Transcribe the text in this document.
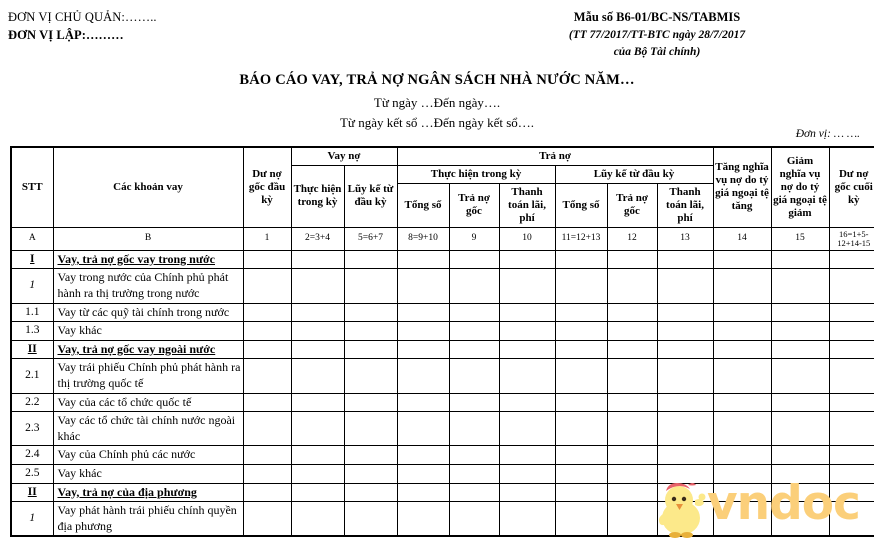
ĐƠN VỊ CHỦ QUẢN:……..
ĐƠN VỊ LẬP:………
Mẫu số B6-01/BC-NS/TABMIS
(TT 77/2017/TT-BTC ngày 28/7/2017
của Bộ Tài chính)
BÁO CÁO VAY, TRẢ NỢ NGÂN SÁCH NHÀ NƯỚC NĂM…
Từ ngày …Đến ngày….
Từ ngày kết sổ …Đến ngày kết sổ….
Đơn vị: … ….
STT	Các khoản vay	Dư nợ gốc đầu kỳ	Vay nợ		Trả nợ						Tăng nghĩa vụ nợ do tỷ giá ngoại tệ tăng	Giảm nghĩa vụ nợ do tỷ giá ngoại tệ giảm	Dư nợ gốc cuối kỳ
			Thực hiện trong kỳ	Lũy kế từ đầu kỳ	Thực hiện trong kỳ			Lũy kế từ đầu kỳ					
					Tổng số	Trả nợ gốc	Thanh toán lãi, phí	Tổng số	Trả nợ gốc	Thanh toán lãi, phí			

A	B	1	2=3+4	5=6+7	8=9+10	9	10	11=12+13	12	13	14	15	16=1+5-12+14-15
I	Vay, trả nợ gốc vay trong nước												
1	Vay trong nước của Chính phủ phát hành ra thị trường trong nước												
1.1	Vay từ các quỹ tài chính trong nước												
1.3	Vay khác												
II	Vay, trả nợ gốc vay ngoài nước												
2.1	Vay trái phiếu Chính phủ phát hành ra thị trường quốc tế												
2.2	Vay của các tổ chức quốc tế												
2.3	Vay các tổ chức tài chính nước ngoài khác												
2.4	Vay của Chính phủ các nước												
2.5	Vay khác												
II	Vay, trả nợ của địa phương												
1	Vay phát hành trái phiếu chính quyền địa phương													vndoc
